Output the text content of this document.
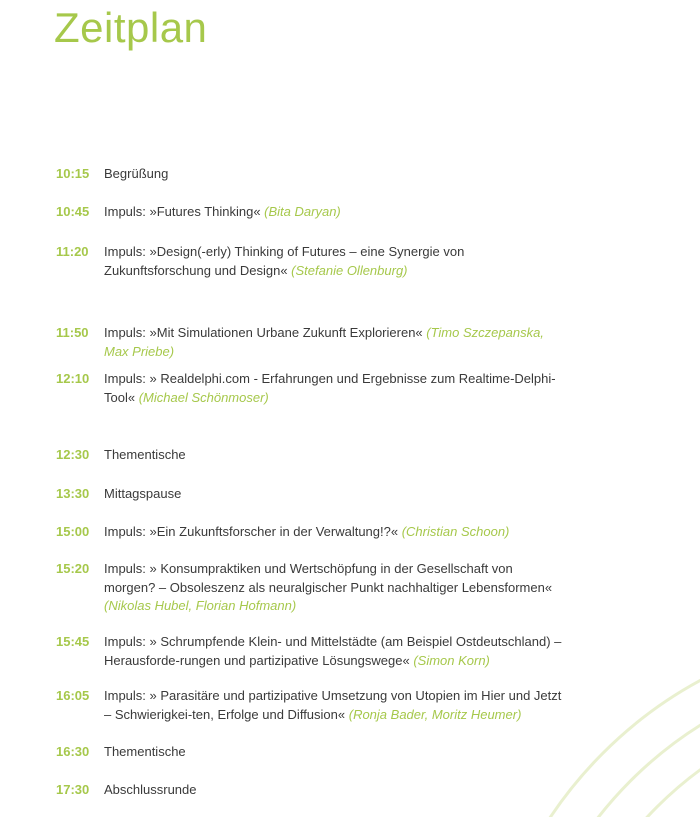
Zeitplan
10:15	Begrüßung
10:45	Impuls: »Futures Thinking« (Bita Daryan)
11:20	Impuls: »Design(-erly) Thinking of Futures – eine Synergie von Zukunftsforschung und Design« (Stefanie Ollenburg)
11:50	Impuls: »Mit Simulationen Urbane Zukunft Explorieren« (Timo Szczepanska, Max Priebe)
12:10	Impuls: » Realdelphi.com - Erfahrungen und Ergebnisse zum Realtime-Delphi-Tool« (Michael Schönmoser)
12:30	Thementische
13:30	Mittagspause
15:00	Impuls: »Ein Zukunftsforscher in der Verwaltung!?« (Christian Schoon)
15:20	Impuls: » Konsumpraktiken und Wertschöpfung in der Gesellschaft von morgen? – Obsoleszenz als neuralgischer Punkt nachhaltiger Lebensformen« (Nikolas Hubel, Florian Hofmann)
15:45	Impuls: » Schrumpfende Klein- und Mittelstädte (am Beispiel Ostdeutschland) – Herausforde-rungen und partizipative Lösungswege« (Simon Korn)
16:05	Impuls: » Parasitäre und partizipative Umsetzung von Utopien im Hier und Jetzt – Schwierigkei-ten, Erfolge und Diffusion« (Ronja Bader, Moritz Heumer)
16:30	Thementische
17:30	Abschlussrunde
